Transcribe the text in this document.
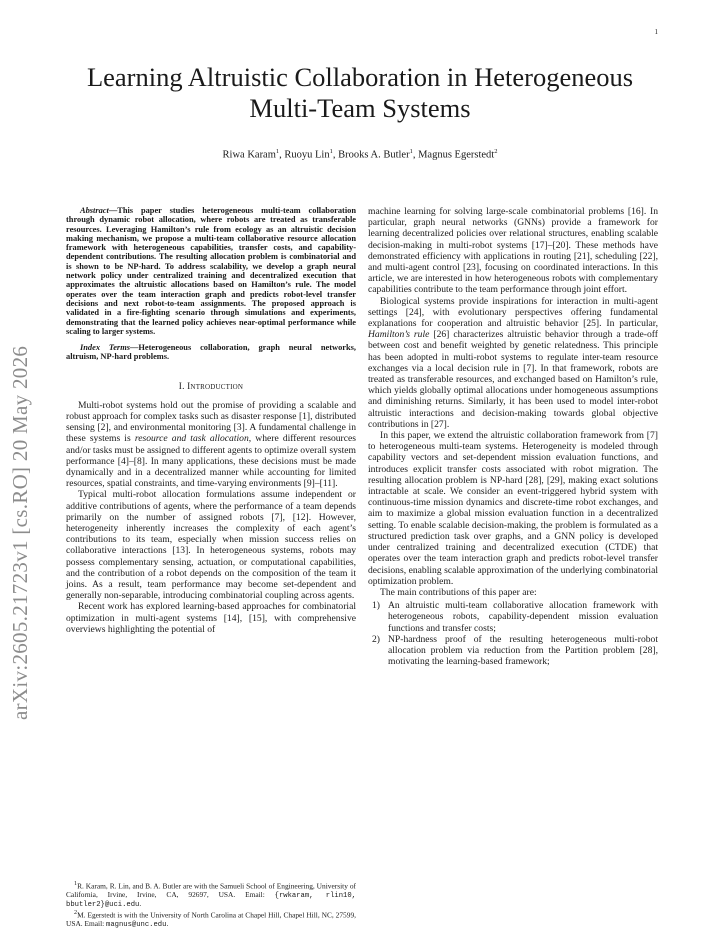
1
arXiv:2605.21723v1 [cs.RO] 20 May 2026
Learning Altruistic Collaboration in Heterogeneous Multi-Team Systems
Riwa Karam$^1$, Ruoyu Lin$^1$, Brooks A. Butler$^1$, Magnus Egerstedt$^2$

Abstract—This paper studies heterogeneous multi-team collaboration through dynamic robot allocation, where robots are treated as transferable resources. Leveraging Hamilton’s rule from ecology as an altruistic decision making mechanism, we propose a multi-team collaborative resource allocation framework with heterogeneous capabilities, transfer costs, and capability-dependent contributions. The resulting allocation problem is combinatorial and is shown to be NP-hard. To address scalability, we develop a graph neural network policy under centralized training and decentralized execution that approximates the altruistic allocations based on Hamilton’s rule. The model operates over the team interaction graph and predicts robot-level transfer decisions and next robot-to-team assignments. The proposed approach is validated in a fire-fighting scenario through simulations and experiments, demonstrating that the learned policy achieves near-optimal performance while scaling to larger systems.

Index Terms—Heterogeneous collaboration, graph neural networks, altruism, NP-hard problems.

I. Introduction

Multi-robot systems hold out the promise of providing a scalable and robust approach for complex tasks such as disaster response [1], distributed sensing [2], and environmental monitoring [3]. A fundamental challenge in these systems is resource and task allocation, where different resources and/or tasks must be assigned to different agents to optimize overall system performance [4]–[8]. In many applications, these decisions must be made dynamically and in a decentralized manner while accounting for limited resources, spatial constraints, and time-varying environments [9]–[11].

Typical multi-robot allocation formulations assume independent or additive contributions of agents, where the performance of a team depends primarily on the number of assigned robots [7], [12]. However, heterogeneity inherently increases the complexity of each agent’s contributions to its team, especially when mission success relies on collaborative interactions [13]. In heterogeneous systems, robots may possess complementary sensing, actuation, or computational capabilities, and the contribution of a robot depends on the composition of the team it joins. As a result, team performance may become set-dependent and generally non-separable, introducing combinatorial coupling across agents.

Recent work has explored learning-based approaches for combinatorial optimization in multi-agent systems [14], [15], with comprehensive overviews highlighting the potential of

machine learning for solving large-scale combinatorial problems [16]. In particular, graph neural networks (GNNs) provide a framework for learning decentralized policies over relational structures, enabling scalable decision-making in multi-robot systems [17]–[20]. These methods have demonstrated efficiency with applications in routing [21], scheduling [22], and multi-agent control [23], focusing on coordinated interactions. In this article, we are interested in how heterogeneous robots with complementary capabilities contribute to the team performance through joint effort.

Biological systems provide inspirations for interaction in multi-agent settings [24], with evolutionary perspectives offering fundamental explanations for cooperation and altruistic behavior [25]. In particular, Hamilton’s rule [26] characterizes altruistic behavior through a trade-off between cost and benefit weighted by genetic relatedness. This principle has been adopted in multi-robot systems to regulate inter-team resource exchanges via a local decision rule in [7]. In that framework, robots are treated as transferable resources, and exchanged based on Hamilton’s rule, which yields globally optimal allocations under homogeneous assumptions and diminishing returns. Similarly, it has been used to model inter-robot altruistic interactions and decision-making towards global objective contributions in [27].

In this paper, we extend the altruistic collaboration framework from [7] to heterogeneous multi-team systems. Heterogeneity is modeled through capability vectors and set-dependent mission evaluation functions, and introduces explicit transfer costs associated with robot migration. The resulting allocation problem is NP-hard [28], [29], making exact solutions intractable at scale. We consider an event-triggered hybrid system with continuous-time mission dynamics and discrete-time robot exchanges, and aim to maximize a global mission evaluation function in a decentralized setting. To enable scalable decision-making, the problem is formulated as a structured prediction task over graphs, and a GNN policy is developed under centralized training and decentralized execution (CTDE) that operates over the team interaction graph and predicts robot-level transfer decisions, enabling scalable approximation of the underlying combinatorial optimization problem.

The main contributions of this paper are:

1) An altruistic multi-team collaborative allocation framework with heterogeneous robots, capability-dependent mission evaluation functions and transfer costs;
2) NP-hardness proof of the resulting heterogeneous multi-robot allocation problem via reduction from the Partition problem [28], motivating the learning-based framework;

$^1$R. Karam, R. Lin, and B. A. Butler are with the Samueli School of Engineering, University of California, Irvine, Irvine, CA, 92697, USA. Email: {rwkaram, rlin10, bbutler2}@uci.edu.

$^2$M. Egerstedt is with the University of North Carolina at Chapel Hill, Chapel Hill, NC, 27599, USA. Email: magnus@unc.edu.
